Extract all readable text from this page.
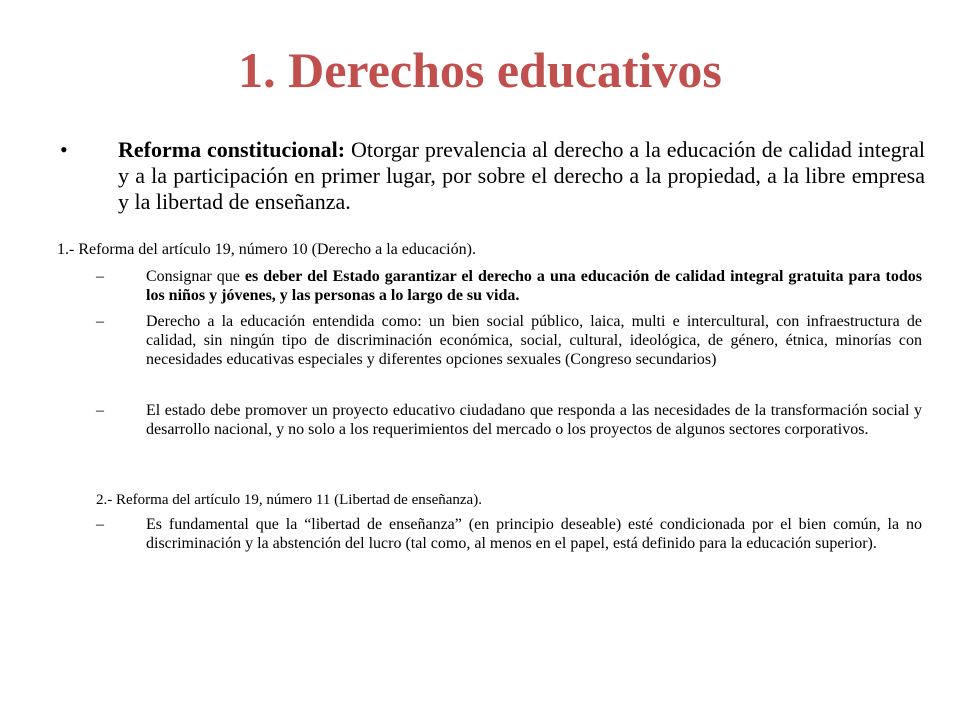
1. Derechos educativos
• Reforma constitucional: Otorgar prevalencia al derecho a la educación de calidad integral y a la participación en primer lugar, por sobre el derecho a la propiedad, a la libre empresa y la libertad de enseñanza.
1.- Reforma del artículo 19, número 10 (Derecho a la educación).
–	Consignar que es deber del Estado garantizar el derecho a una educación de calidad integral gratuita para todos los niños y jóvenes, y las personas a lo largo de su vida.
–	Derecho a la educación entendida como: un bien social público, laica, multi e intercultural, con infraestructura de calidad, sin ningún tipo de discriminación económica, social, cultural, ideológica, de género, étnica, minorías con necesidades educativas especiales y diferentes opciones sexuales (Congreso secundarios)
–	El estado debe promover un proyecto educativo ciudadano que responda a las necesidades de la transformación social y desarrollo nacional, y no solo a los requerimientos del mercado o los proyectos de algunos sectores corporativos.
2.- Reforma del artículo 19, número 11 (Libertad de enseñanza).
–	Es fundamental que la “libertad de enseñanza” (en principio deseable) esté condicionada por el bien común, la no discriminación y la abstención del lucro (tal como, al menos en el papel, está definido para la educación superior).
